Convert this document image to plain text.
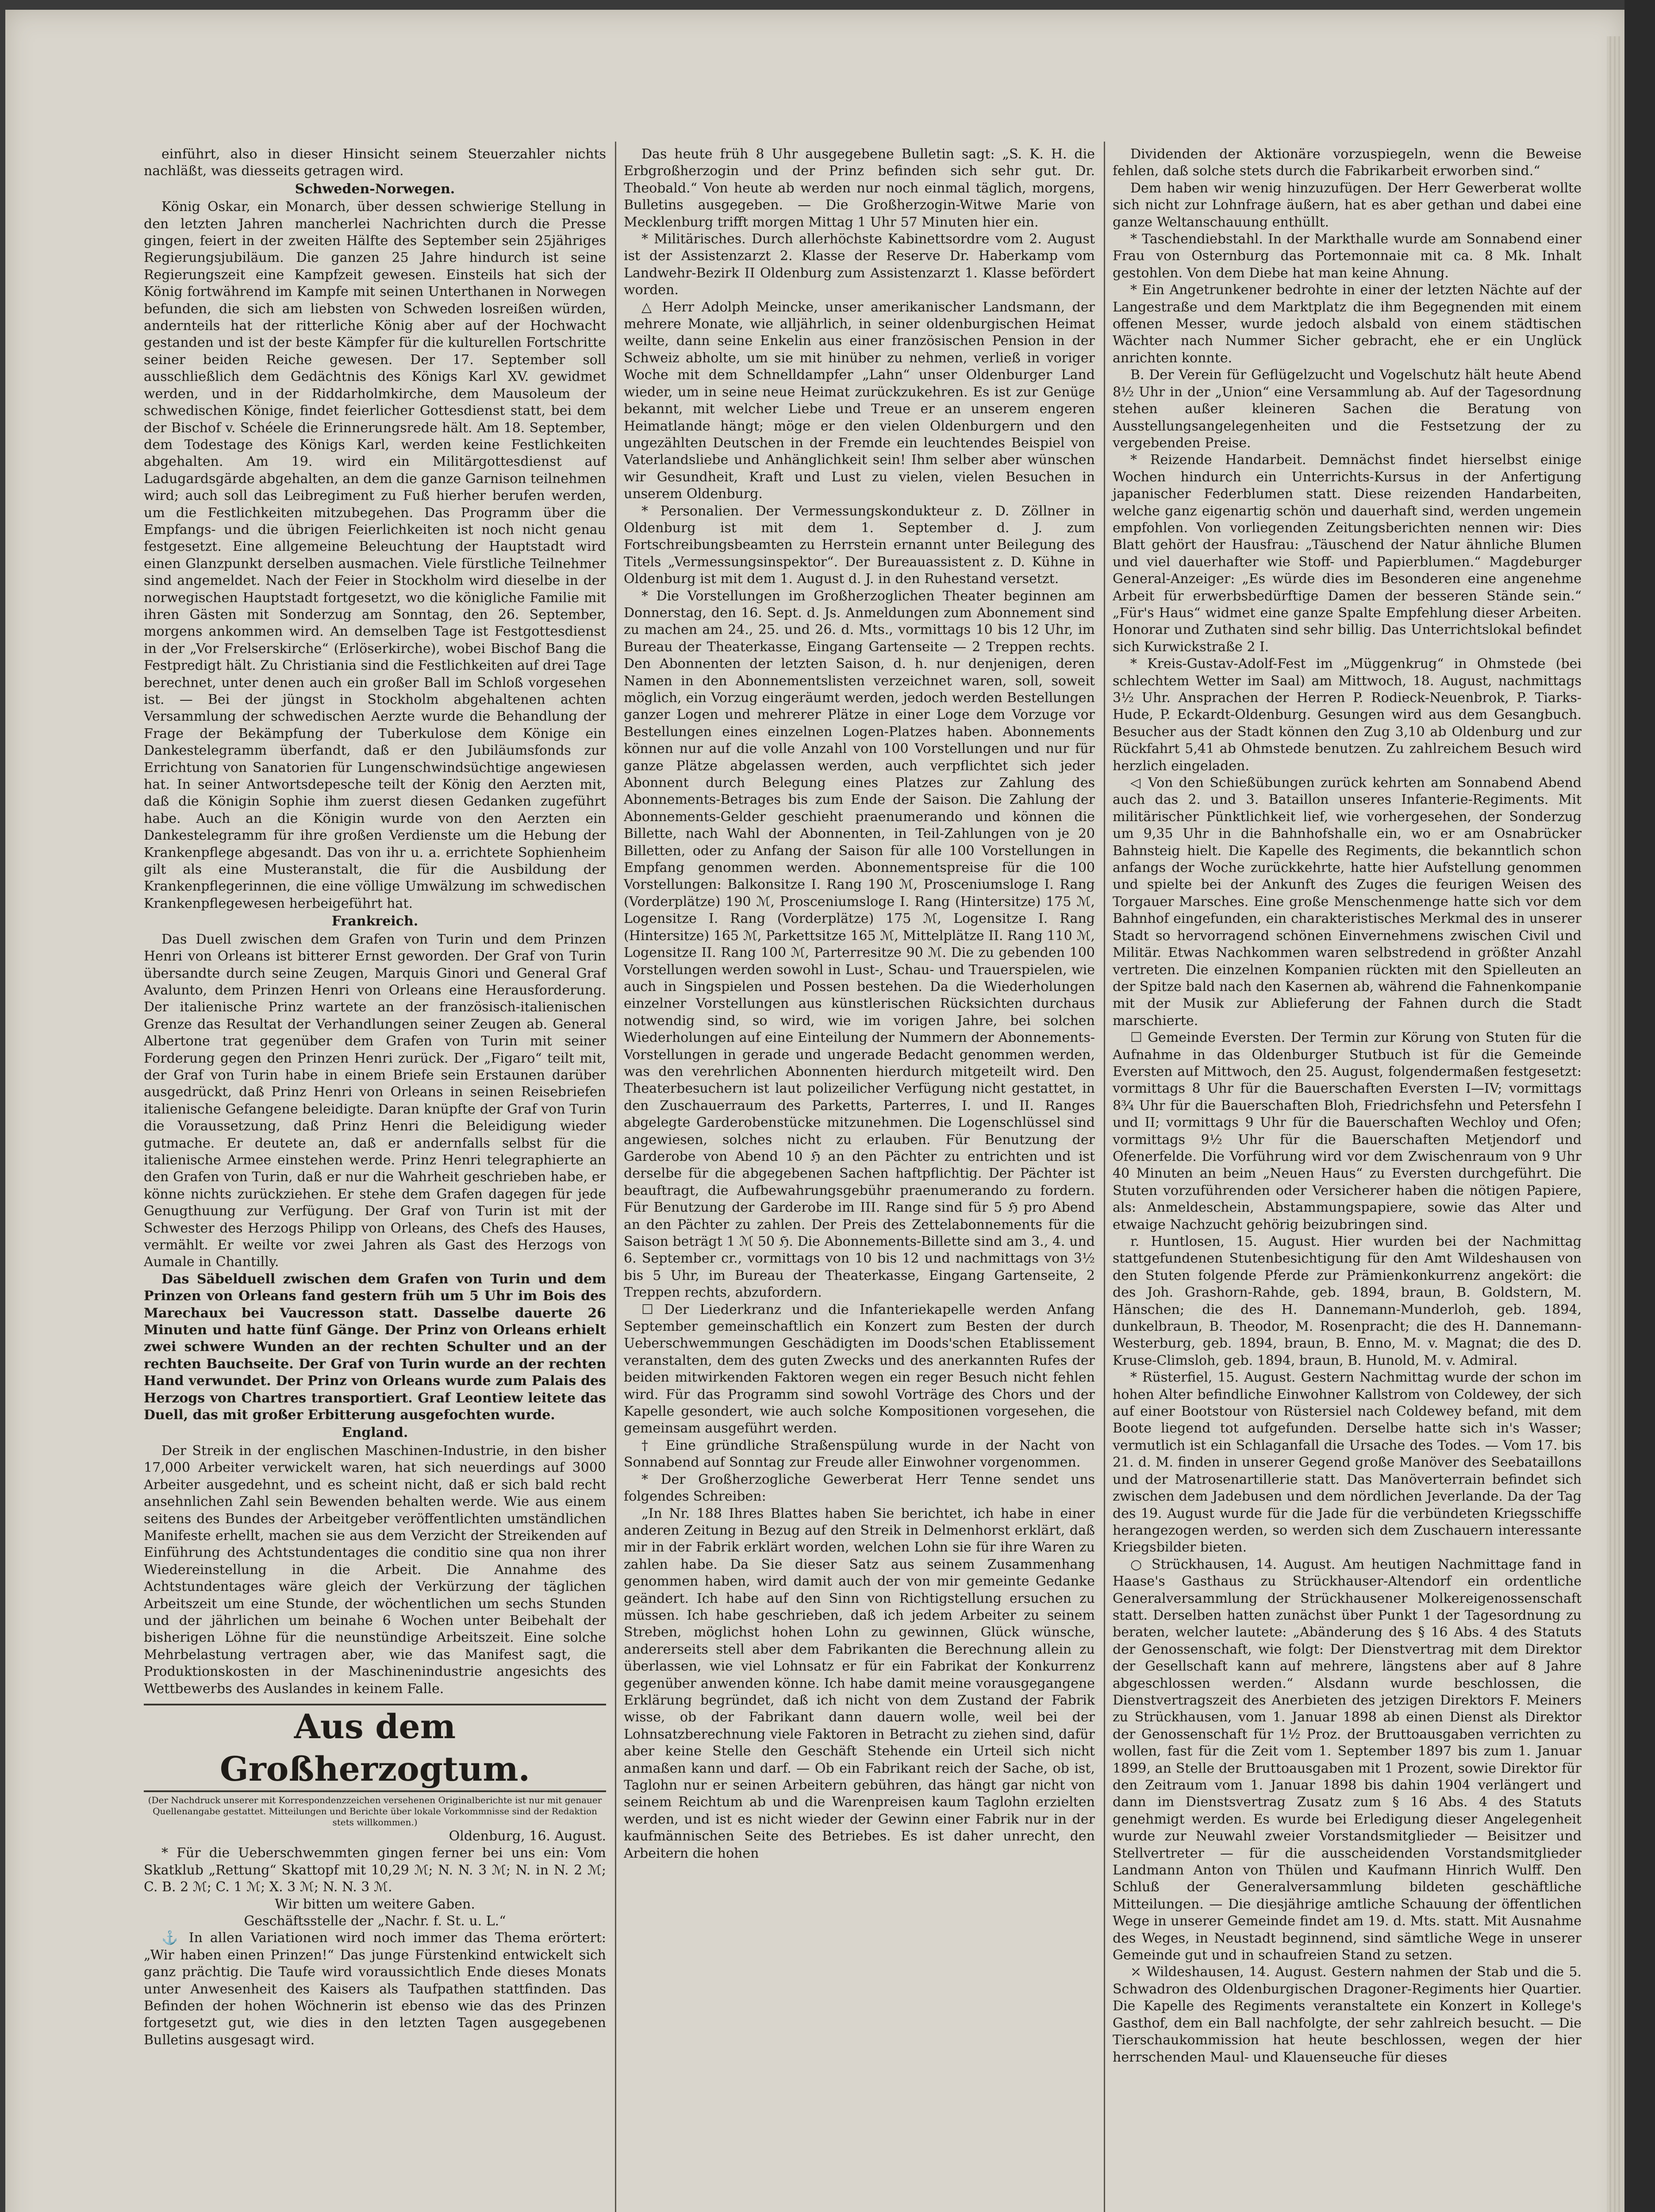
einführt, also in dieser Hinsicht seinem Steuerzahler nichts nachläßt, was diesseits getragen wird.

Schweden-Norwegen.

König Oskar, ein Monarch, über dessen schwierige Stellung in den letzten Jahren mancherlei Nachrichten durch die Presse gingen, feiert in der zweiten Hälfte des September sein 25jähriges Regierungsjubiläum. Die ganzen 25 Jahre hindurch ist seine Regierungszeit eine Kampfzeit gewesen. Einsteils hat sich der König fortwährend im Kampfe mit seinen Unterthanen in Norwegen befunden, die sich am liebsten von Schweden losreißen würden, andernteils hat der ritterliche König aber auf der Hochwacht gestanden und ist der beste Kämpfer für die kulturellen Fortschritte seiner beiden Reiche gewesen. Der 17. September soll ausschließlich dem Gedächtnis des Königs Karl XV. gewidmet werden, und in der Riddarholmkirche, dem Mausoleum der schwedischen Könige, findet feierlicher Gottesdienst statt, bei dem der Bischof v. Schéele die Erinnerungsrede hält. Am 18. September, dem Todestage des Königs Karl, werden keine Festlichkeiten abgehalten. Am 19. wird ein Militärgottesdienst auf Ladugardsgärde abgehalten, an dem die ganze Garnison teilnehmen wird; auch soll das Leibregiment zu Fuß hierher berufen werden, um die Festlichkeiten mitzubegehen. Das Programm über die Empfangs- und die übrigen Feierlichkeiten ist noch nicht genau festgesetzt. Eine allgemeine Beleuchtung der Hauptstadt wird einen Glanzpunkt derselben ausmachen. Viele fürstliche Teilnehmer sind angemeldet. Nach der Feier in Stockholm wird dieselbe in der norwegischen Hauptstadt fortgesetzt, wo die königliche Familie mit ihren Gästen mit Sonderzug am Sonntag, den 26. September, morgens ankommen wird. An demselben Tage ist Festgottesdienst in der „Vor Frelserskirche“ (Erlöserkirche), wobei Bischof Bang die Festpredigt hält. Zu Christiania sind die Festlichkeiten auf drei Tage berechnet, unter denen auch ein großer Ball im Schloß vorgesehen ist. — Bei der jüngst in Stockholm abgehaltenen achten Versammlung der schwedischen Aerzte wurde die Behandlung der Frage der Bekämpfung der Tuberkulose dem Könige ein Dankestelegramm überfandt, daß er den Jubiläumsfonds zur Errichtung von Sanatorien für Lungenschwindsüchtige angewiesen hat. In seiner Antwortsdepesche teilt der König den Aerzten mit, daß die Königin Sophie ihm zuerst diesen Gedanken zugeführt habe. Auch an die Königin wurde von den Aerzten ein Dankestelegramm für ihre großen Verdienste um die Hebung der Krankenpflege abgesandt. Das von ihr u. a. errichtete Sophienheim gilt als eine Musteranstalt, die für die Ausbildung der Krankenpflegerinnen, die eine völlige Umwälzung im schwedischen Krankenpflegewesen herbeigeführt hat.

Frankreich.

Das Duell zwischen dem Grafen von Turin und dem Prinzen Henri von Orleans ist bitterer Ernst geworden. Der Graf von Turin übersandte durch seine Zeugen, Marquis Ginori und General Graf Avalunto, dem Prinzen Henri von Orleans eine Herausforderung. Der italienische Prinz wartete an der französisch-italienischen Grenze das Resultat der Verhandlungen seiner Zeugen ab. General Albertone trat gegenüber dem Grafen von Turin mit seiner Forderung gegen den Prinzen Henri zurück. Der „Figaro“ teilt mit, der Graf von Turin habe in einem Briefe sein Erstaunen darüber ausgedrückt, daß Prinz Henri von Orleans in seinen Reisebriefen italienische Gefangene beleidigte. Daran knüpfte der Graf von Turin die Voraussetzung, daß Prinz Henri die Beleidigung wieder gutmache. Er deutete an, daß er andernfalls selbst für die italienische Armee einstehen werde. Prinz Henri telegraphierte an den Grafen von Turin, daß er nur die Wahrheit geschrieben habe, er könne nichts zurückziehen. Er stehe dem Grafen dagegen für jede Genugthuung zur Verfügung. Der Graf von Turin ist mit der Schwester des Herzogs Philipp von Orleans, des Chefs des Hauses, vermählt. Er weilte vor zwei Jahren als Gast des Herzogs von Aumale in Chantilly.

Das Säbelduell zwischen dem Grafen von Turin und dem Prinzen von Orleans fand gestern früh um 5 Uhr im Bois des Marechaux bei Vaucresson statt. Dasselbe dauerte 26 Minuten und hatte fünf Gänge. Der Prinz von Orleans erhielt zwei schwere Wunden an der rechten Schulter und an der rechten Bauchseite. Der Graf von Turin wurde an der rechten Hand verwundet. Der Prinz von Orleans wurde zum Palais des Herzogs von Chartres transportiert. Graf Leontiew leitete das Duell, das mit großer Erbitterung ausgefochten wurde.

England.

Der Streik in der englischen Maschinen-Industrie, in den bisher 17,000 Arbeiter verwickelt waren, hat sich neuerdings auf 3000 Arbeiter ausgedehnt, und es scheint nicht, daß er sich bald recht ansehnlichen Zahl sein Bewenden behalten werde. Wie aus einem seitens des Bundes der Arbeitgeber veröffentlichten umständlichen Manifeste erhellt, machen sie aus dem Verzicht der Streikenden auf Einführung des Achtstundentages die conditio sine qua non ihrer Wiedereinstellung in die Arbeit. Die Annahme des Achtstundentages wäre gleich der Verkürzung der täglichen Arbeitszeit um eine Stunde, der wöchentlichen um sechs Stunden und der jährlichen um beinahe 6 Wochen unter Beibehalt der bisherigen Löhne für die neunstündige Arbeitszeit. Eine solche Mehrbelastung vertragen aber, wie das Manifest sagt, die Produktionskosten in der Maschinenindustrie angesichts des Wettbewerbs des Auslandes in keinem Falle.

Aus dem Großherzogtum.

(Der Nachdruck unserer mit Korrespondenzzeichen versehenen Originalberichte ist nur mit genauer Quellenangabe gestattet. Mitteilungen und Berichte über lokale Vorkommnisse sind der Redaktion stets willkommen.)

Oldenburg, 16. August.

* Für die Ueberschwemmten gingen ferner bei uns ein: Vom Skatklub „Rettung“ Skattopf mit 10,29 ℳ; N. N. 3 ℳ; N. in N. 2 ℳ; C. B. 2 ℳ; C. 1 ℳ; X. 3 ℳ; N. N. 3 ℳ.

Wir bitten um weitere Gaben.

Geschäftsstelle der „Nachr. f. St. u. L.“

⚓ In allen Variationen wird noch immer das Thema erörtert: „Wir haben einen Prinzen!“ Das junge Fürstenkind entwickelt sich ganz prächtig. Die Taufe wird voraussichtlich Ende dieses Monats unter Anwesenheit des Kaisers als Taufpathen stattfinden. Das Befinden der hohen Wöchnerin ist ebenso wie das des Prinzen fortgesetzt gut, wie dies in den letzten Tagen ausgegebenen Bulletins ausgesagt wird.

Das heute früh 8 Uhr ausgegebene Bulletin sagt: „S. K. H. die Erbgroßherzogin und der Prinz befinden sich sehr gut. Dr. Theobald.“ Von heute ab werden nur noch einmal täglich, morgens, Bulletins ausgegeben. — Die Großherzogin-Witwe Marie von Mecklenburg trifft morgen Mittag 1 Uhr 57 Minuten hier ein.

* Militärisches. Durch allerhöchste Kabinettsordre vom 2. August ist der Assistenzarzt 2. Klasse der Reserve Dr. Haberkamp vom Landwehr-Bezirk II Oldenburg zum Assistenzarzt 1. Klasse befördert worden.

△ Herr Adolph Meincke, unser amerikanischer Landsmann, der mehrere Monate, wie alljährlich, in seiner oldenburgischen Heimat weilte, dann seine Enkelin aus einer französischen Pension in der Schweiz abholte, um sie mit hinüber zu nehmen, verließ in voriger Woche mit dem Schnelldampfer „Lahn“ unser Oldenburger Land wieder, um in seine neue Heimat zurückzukehren. Es ist zur Genüge bekannt, mit welcher Liebe und Treue er an unserem engeren Heimatlande hängt; möge er den vielen Oldenburgern und den ungezählten Deutschen in der Fremde ein leuchtendes Beispiel von Vaterlandsliebe und Anhänglichkeit sein! Ihm selber aber wünschen wir Gesundheit, Kraft und Lust zu vielen, vielen Besuchen in unserem Oldenburg.

* Personalien. Der Vermessungskondukteur z. D. Zöllner in Oldenburg ist mit dem 1. September d. J. zum Fortschreibungsbeamten zu Herrstein ernannt unter Beilegung des Titels „Vermessungsinspektor“. Der Bureauassistent z. D. Kühne in Oldenburg ist mit dem 1. August d. J. in den Ruhestand versetzt.

* Die Vorstellungen im Großherzoglichen Theater beginnen am Donnerstag, den 16. Sept. d. Js. Anmeldungen zum Abonnement sind zu machen am 24., 25. und 26. d. Mts., vormittags 10 bis 12 Uhr, im Bureau der Theaterkasse, Eingang Gartenseite — 2 Treppen rechts. Den Abonnenten der letzten Saison, d. h. nur denjenigen, deren Namen in den Abonnementslisten verzeichnet waren, soll, soweit möglich, ein Vorzug eingeräumt werden, jedoch werden Bestellungen ganzer Logen und mehrerer Plätze in einer Loge dem Vorzuge vor Bestellungen eines einzelnen Logen-Platzes haben. Abonnements können nur auf die volle Anzahl von 100 Vorstellungen und nur für ganze Plätze abgelassen werden, auch verpflichtet sich jeder Abonnent durch Belegung eines Platzes zur Zahlung des Abonnements-Betrages bis zum Ende der Saison. Die Zahlung der Abonnements-Gelder geschieht praenumerando und können die Billette, nach Wahl der Abonnenten, in Teil-Zahlungen von je 20 Billetten, oder zu Anfang der Saison für alle 100 Vorstellungen in Empfang genommen werden. Abonnementspreise für die 100 Vorstellungen: Balkonsitze I. Rang 190 ℳ, Prosceniumsloge I. Rang (Vorderplätze) 190 ℳ, Prosceniumsloge I. Rang (Hintersitze) 175 ℳ, Logensitze I. Rang (Vorderplätze) 175 ℳ, Logensitze I. Rang (Hintersitze) 165 ℳ, Parkettsitze 165 ℳ, Mittelplätze II. Rang 110 ℳ, Logensitze II. Rang 100 ℳ, Parterresitze 90 ℳ. Die zu gebenden 100 Vorstellungen werden sowohl in Lust-, Schau- und Trauerspielen, wie auch in Singspielen und Possen bestehen. Da die Wiederholungen einzelner Vorstellungen aus künstlerischen Rücksichten durchaus notwendig sind, so wird, wie im vorigen Jahre, bei solchen Wiederholungen auf eine Einteilung der Nummern der Abonnements-Vorstellungen in gerade und ungerade Bedacht genommen werden, was den verehrlichen Abonnenten hierdurch mitgeteilt wird. Den Theaterbesuchern ist laut polizeilicher Verfügung nicht gestattet, in den Zuschauerraum des Parketts, Parterres, I. und II. Ranges abgelegte Garderobenstücke mitzunehmen. Die Logenschlüssel sind angewiesen, solches nicht zu erlauben. Für Benutzung der Garderobe von Abend 10 ℌ an den Pächter zu entrichten und ist derselbe für die abgegebenen Sachen haftpflichtig. Der Pächter ist beauftragt, die Aufbewahrungsgebühr praenumerando zu fordern. Für Benutzung der Garderobe im III. Range sind für 5 ℌ pro Abend an den Pächter zu zahlen. Der Preis des Zettelabonnements für die Saison beträgt 1 ℳ 50 ℌ. Die Abonnements-Billette sind am 3., 4. und 6. September cr., vormittags von 10 bis 12 und nachmittags von 3½ bis 5 Uhr, im Bureau der Theaterkasse, Eingang Gartenseite, 2 Treppen rechts, abzufordern.

☐ Der Liederkranz und die Infanteriekapelle werden Anfang September gemeinschaftlich ein Konzert zum Besten der durch Ueberschwemmungen Geschädigten im Doods'schen Etablissement veranstalten, dem des guten Zwecks und des anerkannten Rufes der beiden mitwirkenden Faktoren wegen ein reger Besuch nicht fehlen wird. Für das Programm sind sowohl Vorträge des Chors und der Kapelle gesondert, wie auch solche Kompositionen vorgesehen, die gemeinsam ausgeführt werden.

† Eine gründliche Straßenspülung wurde in der Nacht von Sonnabend auf Sonntag zur Freude aller Einwohner vorgenommen.

* Der Großherzogliche Gewerberat Herr Tenne sendet uns folgendes Schreiben:

„In Nr. 188 Ihres Blattes haben Sie berichtet, ich habe in einer anderen Zeitung in Bezug auf den Streik in Delmenhorst erklärt, daß mir in der Fabrik erklärt worden, welchen Lohn sie für ihre Waren zu zahlen habe. Da Sie dieser Satz aus seinem Zusammenhang genommen haben, wird damit auch der von mir gemeinte Gedanke geändert. Ich habe auf den Sinn von Richtigstellung ersuchen zu müssen. Ich habe geschrieben, daß ich jedem Arbeiter zu seinem Streben, möglichst hohen Lohn zu gewinnen, Glück wünsche, andererseits stell aber dem Fabrikanten die Berechnung allein zu überlassen, wie viel Lohnsatz er für ein Fabrikat der Konkurrenz gegenüber anwenden könne. Ich habe damit meine vorausgegangene Erklärung begründet, daß ich nicht von dem Zustand der Fabrik wisse, ob der Fabrikant dann dauern wolle, weil bei der Lohnsatzberechnung viele Faktoren in Betracht zu ziehen sind, dafür aber keine Stelle den Geschäft Stehende ein Urteil sich nicht anmaßen kann und darf. — Ob ein Fabrikant reich der Sache, ob ist, Taglohn nur er seinen Arbeitern gebühren, das hängt gar nicht von seinem Reichtum ab und die Warenpreisen kaum Taglohn erzielten werden, und ist es nicht wieder der Gewinn einer Fabrik nur in der kaufmännischen Seite des Betriebes. Es ist daher unrecht, den Arbeitern die hohen

Dividenden der Aktionäre vorzuspiegeln, wenn die Beweise fehlen, daß solche stets durch die Fabrikarbeit erworben sind.“

Dem haben wir wenig hinzuzufügen. Der Herr Gewerberat wollte sich nicht zur Lohnfrage äußern, hat es aber gethan und dabei eine ganze Weltanschauung enthüllt.

* Taschendiebstahl. In der Markthalle wurde am Sonnabend einer Frau von Osternburg das Portemonnaie mit ca. 8 Mk. Inhalt gestohlen. Von dem Diebe hat man keine Ahnung.

* Ein Angetrunkener bedrohte in einer der letzten Nächte auf der Langestraße und dem Marktplatz die ihm Begegnenden mit einem offenen Messer, wurde jedoch alsbald von einem städtischen Wächter nach Nummer Sicher gebracht, ehe er ein Unglück anrichten konnte.

B. Der Verein für Geflügelzucht und Vogelschutz hält heute Abend 8½ Uhr in der „Union“ eine Versammlung ab. Auf der Tagesordnung stehen außer kleineren Sachen die Beratung von Ausstellungsangelegenheiten und die Festsetzung der zu vergebenden Preise.

* Reizende Handarbeit. Demnächst findet hierselbst einige Wochen hindurch ein Unterrichts-Kursus in der Anfertigung japanischer Federblumen statt. Diese reizenden Handarbeiten, welche ganz eigenartig schön und dauerhaft sind, werden ungemein empfohlen. Von vorliegenden Zeitungsberichten nennen wir: Dies Blatt gehört der Hausfrau: „Täuschend der Natur ähnliche Blumen und viel dauerhafter wie Stoff- und Papierblumen.“ Magdeburger General-Anzeiger: „Es würde dies im Besonderen eine angenehme Arbeit für erwerbsbedürftige Damen der besseren Stände sein.“ „Für's Haus“ widmet eine ganze Spalte Empfehlung dieser Arbeiten. Honorar und Zuthaten sind sehr billig. Das Unterrichtslokal befindet sich Kurwickstraße 2 I.

* Kreis-Gustav-Adolf-Fest im „Müggenkrug“ in Ohmstede (bei schlechtem Wetter im Saal) am Mittwoch, 18. August, nachmittags 3½ Uhr. Ansprachen der Herren P. Rodieck-Neuenbrok, P. Tiarks-Hude, P. Eckardt-Oldenburg. Gesungen wird aus dem Gesangbuch. Besucher aus der Stadt können den Zug 3,10 ab Oldenburg und zur Rückfahrt 5,41 ab Ohmstede benutzen. Zu zahlreichem Besuch wird herzlich eingeladen.

◁ Von den Schießübungen zurück kehrten am Sonnabend Abend auch das 2. und 3. Bataillon unseres Infanterie-Regiments. Mit militärischer Pünktlichkeit lief, wie vorhergesehen, der Sonderzug um 9,35 Uhr in die Bahnhofshalle ein, wo er am Osnabrücker Bahnsteig hielt. Die Kapelle des Regiments, die bekanntlich schon anfangs der Woche zurückkehrte, hatte hier Aufstellung genommen und spielte bei der Ankunft des Zuges die feurigen Weisen des Torgauer Marsches. Eine große Menschenmenge hatte sich vor dem Bahnhof eingefunden, ein charakteristisches Merkmal des in unserer Stadt so hervorragend schönen Einvernehmens zwischen Civil und Militär. Etwas Nachkommen waren selbstredend in größter Anzahl vertreten. Die einzelnen Kompanien rückten mit den Spielleuten an der Spitze bald nach den Kasernen ab, während die Fahnenkompanie mit der Musik zur Ablieferung der Fahnen durch die Stadt marschierte.

☐ Gemeinde Eversten. Der Termin zur Körung von Stuten für die Aufnahme in das Oldenburger Stutbuch ist für die Gemeinde Eversten auf Mittwoch, den 25. August, folgendermaßen festgesetzt: vormittags 8 Uhr für die Bauerschaften Eversten I—IV; vormittags 8¾ Uhr für die Bauerschaften Bloh, Friedrichsfehn und Petersfehn I und II; vormittags 9 Uhr für die Bauerschaften Wechloy und Ofen; vormittags 9½ Uhr für die Bauerschaften Metjendorf und Ofenerfelde. Die Vorführung wird vor dem Zwischenraum von 9 Uhr 40 Minuten an beim „Neuen Haus“ zu Eversten durchgeführt. Die Stuten vorzuführenden oder Versicherer haben die nötigen Papiere, als: Anmeldeschein, Abstammungspapiere, sowie das Alter und etwaige Nachzucht gehörig beizubringen sind.

r. Huntlosen, 15. August. Hier wurden bei der Nachmittag stattgefundenen Stutenbesichtigung für den Amt Wildeshausen von den Stuten folgende Pferde zur Prämienkonkurrenz angekört: die des Joh. Grashorn-Rahde, geb. 1894, braun, B. Goldstern, M. Hänschen; die des H. Dannemann-Munderloh, geb. 1894, dunkelbraun, B. Theodor, M. Rosenpracht; die des H. Dannemann-Westerburg, geb. 1894, braun, B. Enno, M. v. Magnat; die des D. Kruse-Climsloh, geb. 1894, braun, B. Hunold, M. v. Admiral.

* Rüsterfiel, 15. August. Gestern Nachmittag wurde der schon im hohen Alter befindliche Einwohner Kallstrom von Coldewey, der sich auf einer Bootstour von Rüstersiel nach Coldewey befand, mit dem Boote liegend tot aufgefunden. Derselbe hatte sich in's Wasser; vermutlich ist ein Schlaganfall die Ursache des Todes. — Vom 17. bis 21. d. M. finden in unserer Gegend große Manöver des Seebataillons und der Matrosenartillerie statt. Das Manöverterrain befindet sich zwischen dem Jadebusen und dem nördlichen Jeverlande. Da der Tag des 19. August wurde für die Jade für die verbündeten Kriegsschiffe herangezogen werden, so werden sich dem Zuschauern interessante Kriegsbilder bieten.

○ Strückhausen, 14. August. Am heutigen Nachmittage fand in Haase's Gasthaus zu Strückhauser-Altendorf ein ordentliche Generalversammlung der Strückhausener Molkereigenossenschaft statt. Derselben hatten zunächst über Punkt 1 der Tagesordnung zu beraten, welcher lautete: „Abänderung des § 16 Abs. 4 des Statuts der Genossenschaft, wie folgt: Der Dienstvertrag mit dem Direktor der Gesellschaft kann auf mehrere, längstens aber auf 8 Jahre abgeschlossen werden.“ Alsdann wurde beschlossen, die Dienstvertragszeit des Anerbieten des jetzigen Direktors F. Meiners zu Strückhausen, vom 1. Januar 1898 ab einen Dienst als Direktor der Genossenschaft für 1½ Proz. der Bruttoausgaben verrichten zu wollen, fast für die Zeit vom 1. September 1897 bis zum 1. Januar 1899, an Stelle der Bruttoausgaben mit 1 Prozent, sowie Direktor für den Zeitraum vom 1. Januar 1898 bis dahin 1904 verlängert und dann im Dienstsvertrag Zusatz zum § 16 Abs. 4 des Statuts genehmigt werden. Es wurde bei Erledigung dieser Angelegenheit wurde zur Neuwahl zweier Vorstandsmitglieder — Beisitzer und Stellvertreter — für die ausscheidenden Vorstandsmitglieder Landmann Anton von Thülen und Kaufmann Hinrich Wulff. Den Schluß der Generalversammlung bildeten geschäftliche Mitteilungen. — Die diesjährige amtliche Schauung der öffentlichen Wege in unserer Gemeinde findet am 19. d. Mts. statt. Mit Ausnahme des Weges, in Neustadt beginnend, sind sämtliche Wege in unserer Gemeinde gut und in schaufreien Stand zu setzen.

⤫ Wildeshausen, 14. August. Gestern nahmen der Stab und die 5. Schwadron des Oldenburgischen Dragoner-Regiments hier Quartier. Die Kapelle des Regiments veranstaltete ein Konzert in Kollege's Gasthof, dem ein Ball nachfolgte, der sehr zahlreich besucht. — Die Tierschaukommission hat heute beschlossen, wegen der hier herrschenden Maul- und Klauenseuche für dieses
